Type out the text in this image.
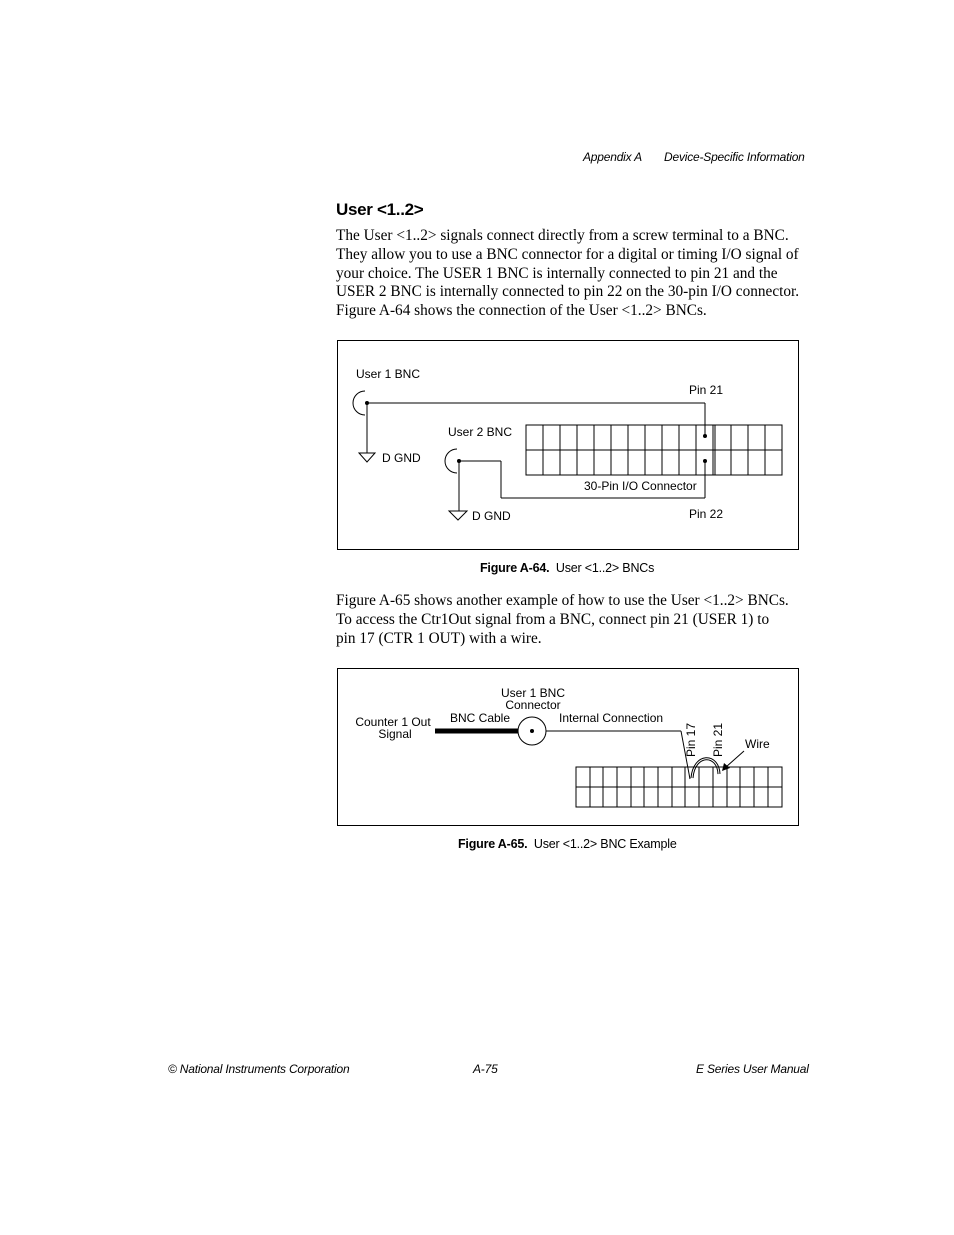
Appendix A Device-Specific Information
User <1..2>
The User <1..2> signals connect directly from a screw terminal to a BNC.
They allow you to use a BNC connector for a digital or timing I/O signal of
your choice. The USER 1 BNC is internally connected to pin 21 and the
USER 2 BNC is internally connected to pin 22 on the 30-pin I/O connector.
Figure A-64 shows the connection of the User <1..2> BNCs.
User 1 BNC
D GND
User 2 BNC
D GND
Pin 21
Pin 22
30-Pin I/O Connector
Figure A-64. User <1..2> BNCs
Figure A-65 shows another example of how to use the User <1..2> BNCs.
To access the Ctr1Out signal from a BNC, connect pin 21 (USER 1) to
pin 17 (CTR 1 OUT) with a wire.
Counter 1 Out
Signal
BNC Cable
User 1 BNC
Connector
Internal Connection
Pin 17 Pin 21 Wire
Figure A-65. User <1..2> BNC Example
© National Instruments Corporation	A-75	E Series User Manual
